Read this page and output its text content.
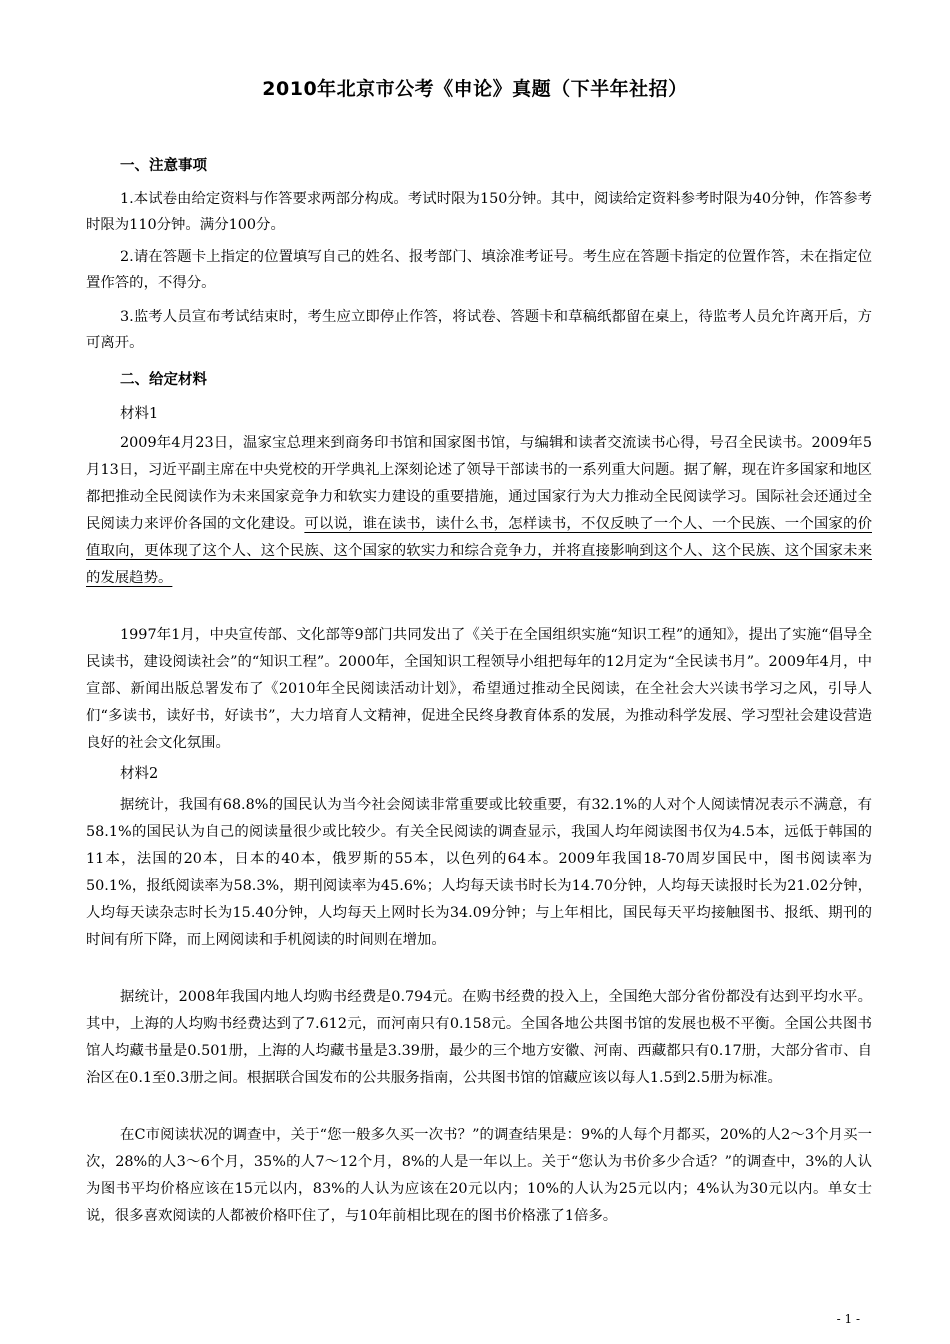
2010年北京市公考《申论》真题（下半年社招）
一、注意事项
1.本试卷由给定资料与作答要求两部分构成。考试时限为150分钟。其中，阅读给定资料参考时限为40分钟，作答参考时限为110分钟。满分100分。
2.请在答题卡上指定的位置填写自己的姓名、报考部门、填涂准考证号。考生应在答题卡指定的位置作答，未在指定位置作答的，不得分。
3.监考人员宣布考试结束时，考生应立即停止作答，将试卷、答题卡和草稿纸都留在桌上，待监考人员允许离开后，方可离开。
二、给定材料
材料1
2009年4月23日，温家宝总理来到商务印书馆和国家图书馆，与编辑和读者交流读书心得，号召全民读书。2009年5月13日，习近平副主席在中央党校的开学典礼上深刻论述了领导干部读书的一系列重大问题。据了解，现在许多国家和地区都把推动全民阅读作为未来国家竞争力和软实力建设的重要措施，通过国家行为大力推动全民阅读学习。国际社会还通过全民阅读力来评价各国的文化建设。可以说，谁在读书，读什么书，怎样读书，不仅反映了一个人、一个民族、一个国家的价值取向，更体现了这个人、这个民族、这个国家的软实力和综合竞争力，并将直接影响到这个人、这个民族、这个国家未来的发展趋势。
1997年1月，中央宣传部、文化部等9部门共同发出了《关于在全国组织实施“知识工程”的通知》，提出了实施“倡导全民读书，建设阅读社会”的“知识工程”。2000年，全国知识工程领导小组把每年的12月定为“全民读书月”。2009年4月，中宣部、新闻出版总署发布了《2010年全民阅读活动计划》，希望通过推动全民阅读，在全社会大兴读书学习之风，引导人们“多读书，读好书，好读书”，大力培育人文精神，促进全民终身教育体系的发展，为推动科学发展、学习型社会建设营造良好的社会文化氛围。
材料2
据统计，我国有68.8%的国民认为当今社会阅读非常重要或比较重要，有32.1%的人对个人阅读情况表示不满意，有58.1%的国民认为自己的阅读量很少或比较少。有关全民阅读的调查显示，我国人均年阅读图书仅为4.5本，远低于韩国的11本，法国的20本，日本的40本，俄罗斯的55本，以色列的64本。2009年我国18-70周岁国民中，图书阅读率为50.1%，报纸阅读率为58.3%，期刊阅读率为45.6%；人均每天读书时长为14.70分钟，人均每天读报时长为21.02分钟，人均每天读杂志时长为15.40分钟，人均每天上网时长为34.09分钟；与上年相比，国民每天平均接触图书、报纸、期刊的时间有所下降，而上网阅读和手机阅读的时间则在增加。
据统计，2008年我国内地人均购书经费是0.794元。在购书经费的投入上，全国绝大部分省份都没有达到平均水平。其中，上海的人均购书经费达到了7.612元，而河南只有0.158元。全国各地公共图书馆的发展也极不平衡。全国公共图书馆人均藏书量是0.501册，上海的人均藏书量是3.39册，最少的三个地方安徽、河南、西藏都只有0.17册，大部分省市、自治区在0.1至0.3册之间。根据联合国发布的公共服务指南，公共图书馆的馆藏应该以每人1.5到2.5册为标准。
在C市阅读状况的调查中，关于“您一般多久买一次书？”的调查结果是：9%的人每个月都买，20%的人2～3个月买一次，28%的人3～6个月，35%的人7～12个月，8%的人是一年以上。关于“您认为书价多少合适？”的调查中，3%的人认为图书平均价格应该在15元以内，83%的人认为应该在20元以内；10%的人认为25元以内；4%认为30元以内。单女士说，很多喜欢阅读的人都被价格吓住了，与10年前相比现在的图书价格涨了1倍多。
- 1 -
